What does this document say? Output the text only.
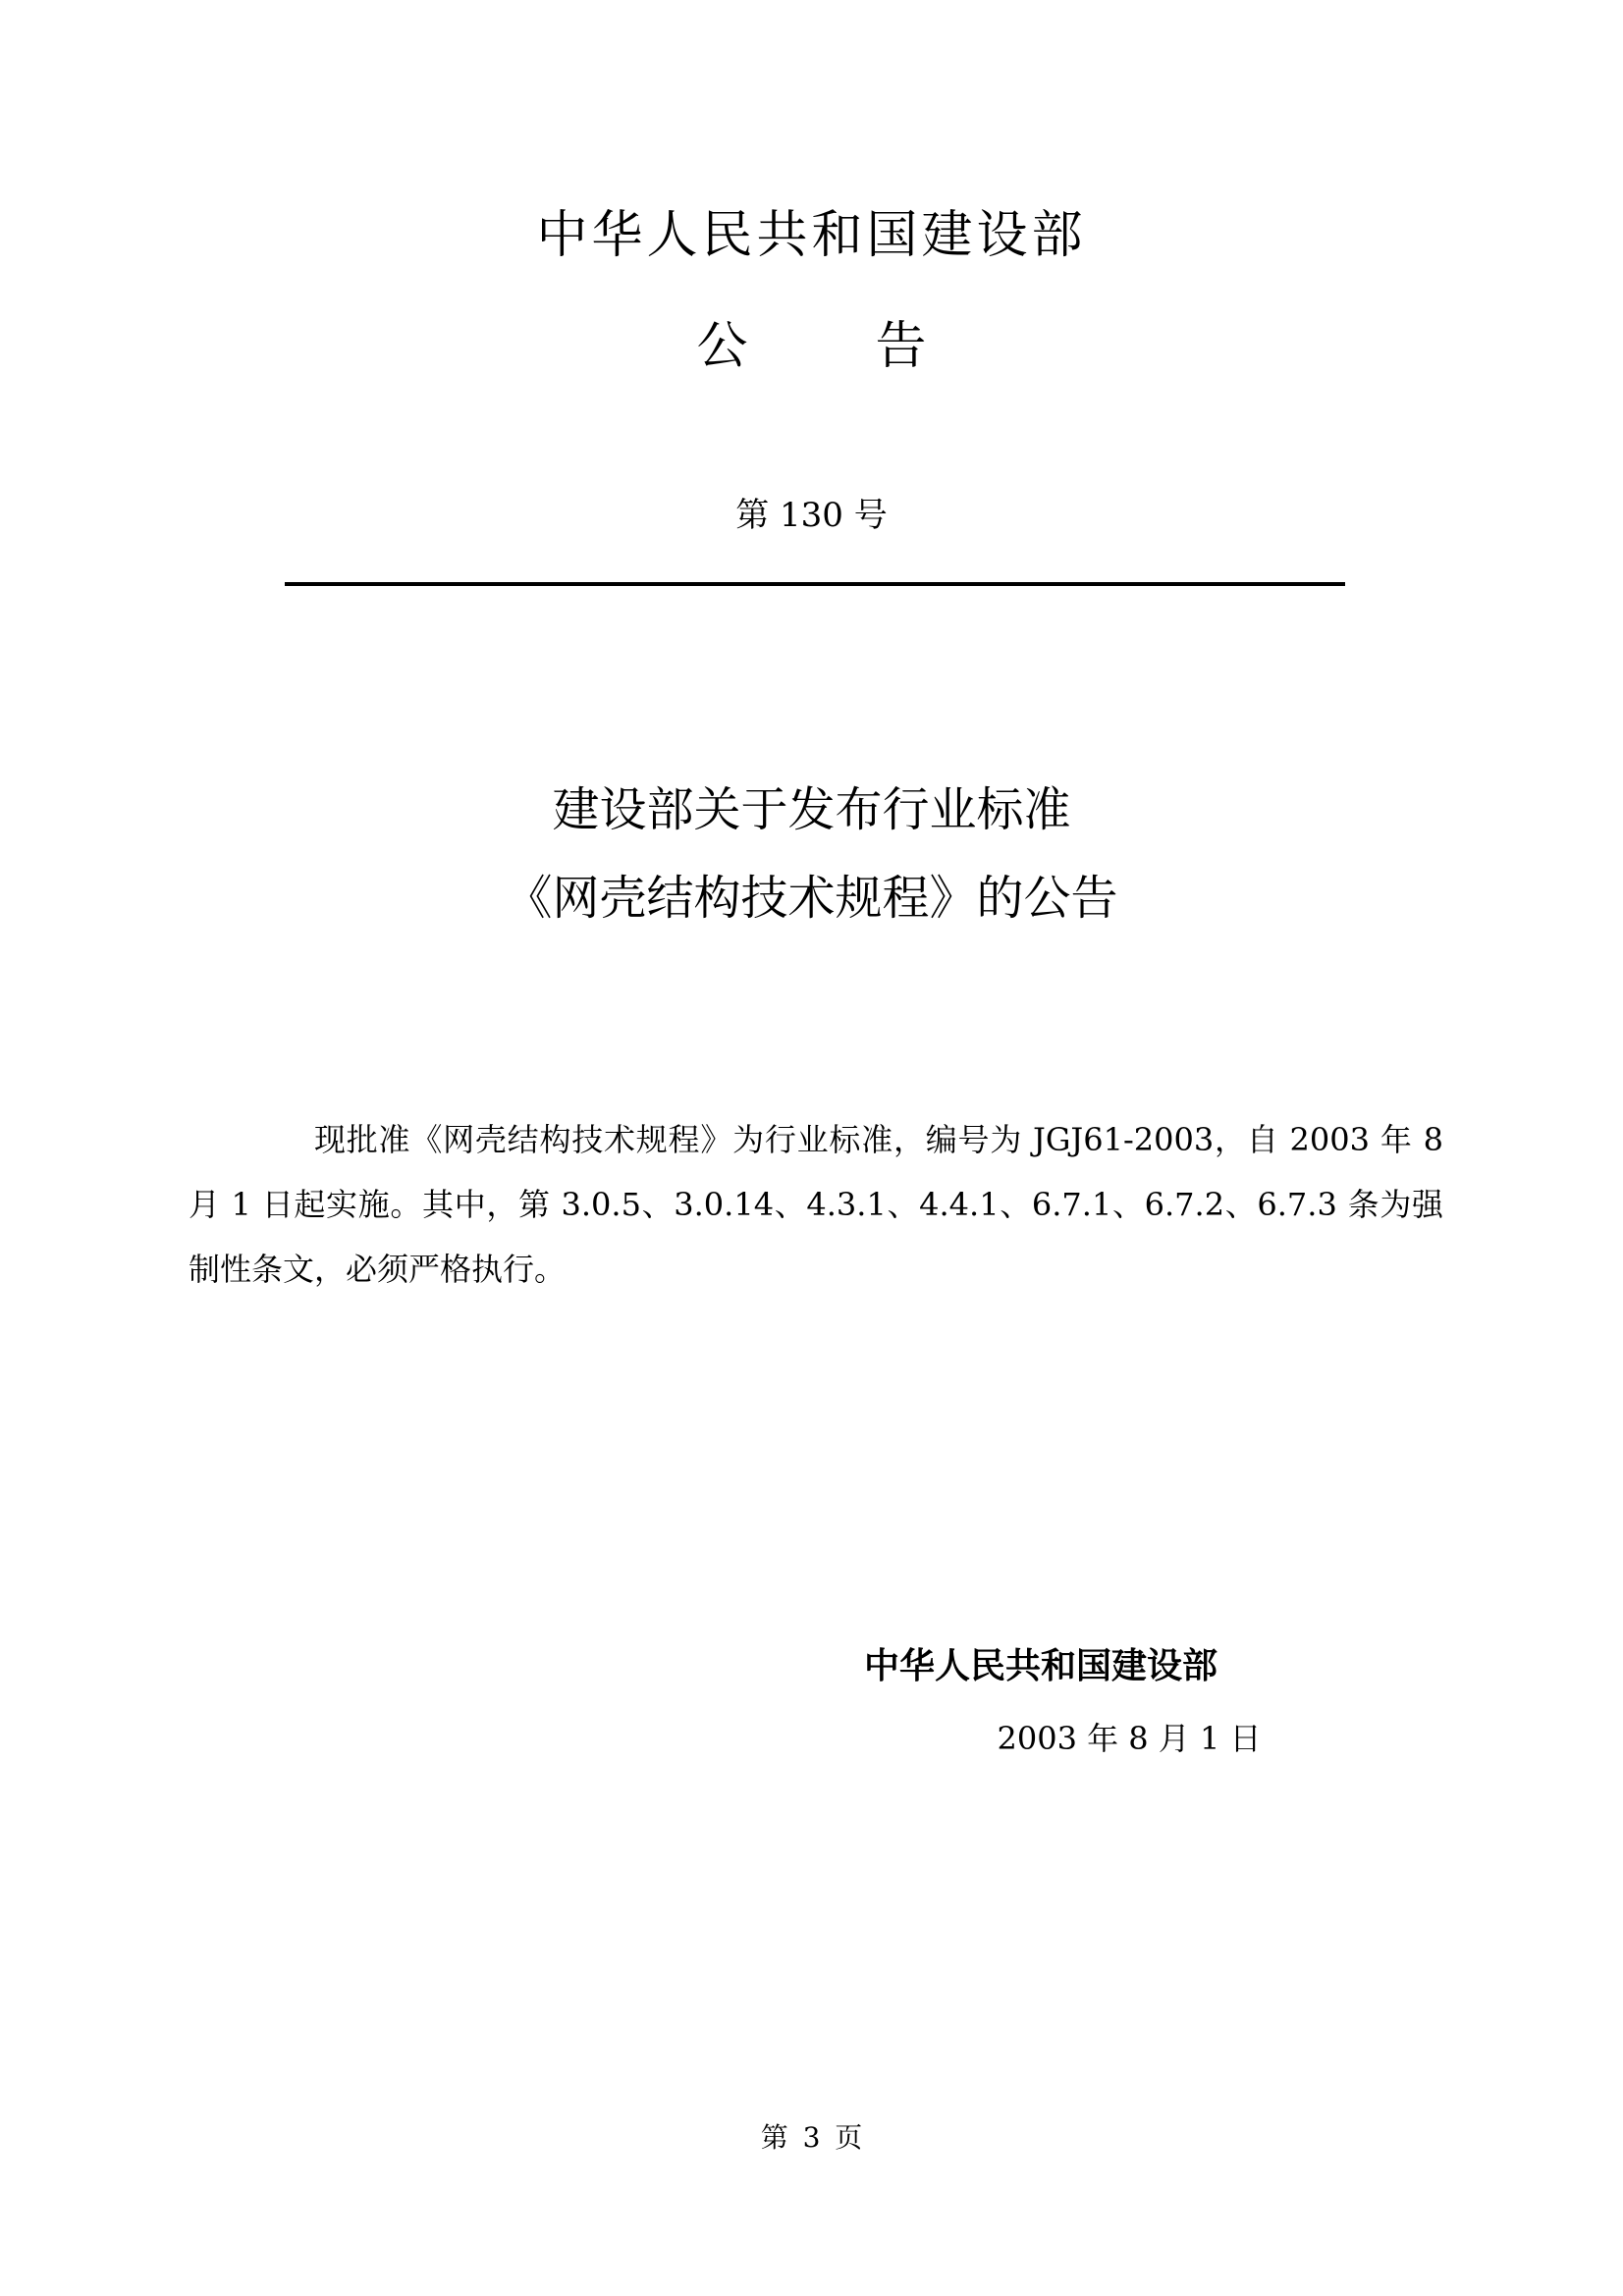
中华人民共和国建设部
公	告
第 130 号
建设部关于发布行业标准
《网壳结构技术规程》的公告
现批准《网壳结构技术规程》为行业标准，编号为 JGJ61-2003，自 2003 年 8 月 1 日起实施。其中，第 3.0.5、3.0.14、4.3.1、4.4.1、6.7.1、6.7.2、6.7.3 条为强制性条文，必须严格执行。
中华人民共和国建设部
2003 年 8 月 1 日
第 3 页
